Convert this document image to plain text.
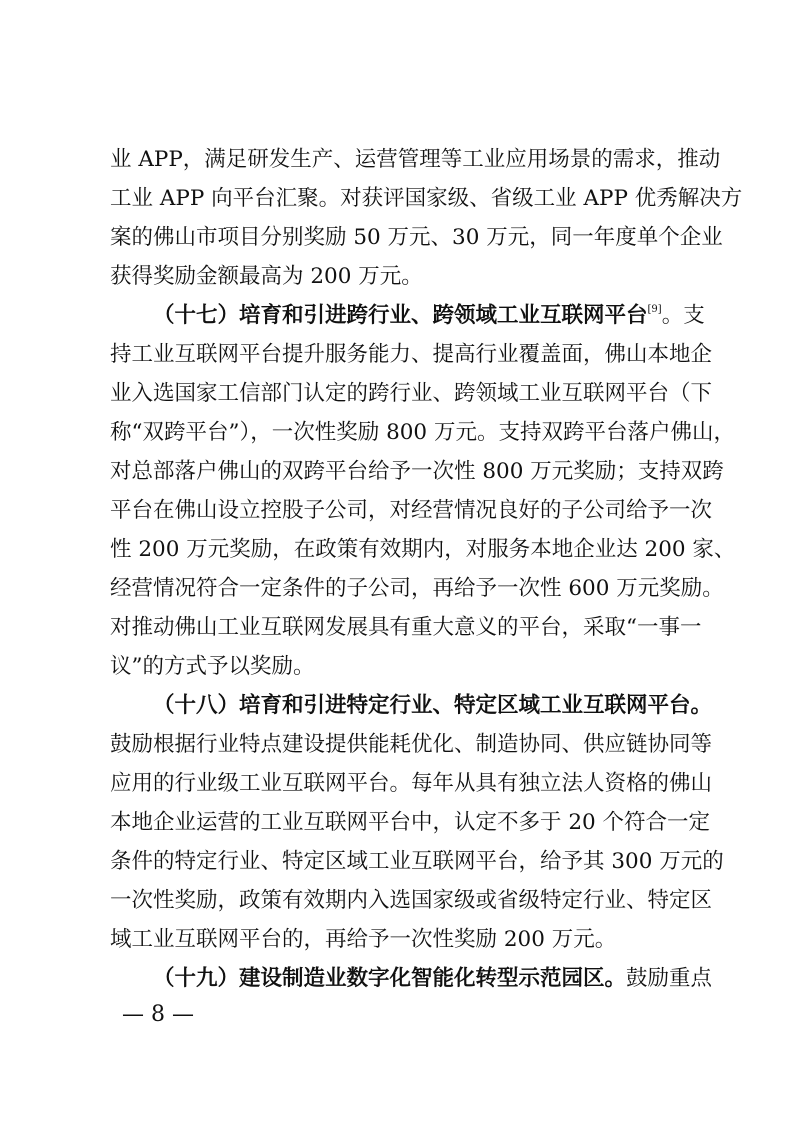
业 APP，满足研发生产、运营管理等工业应用场景的需求，推动
工业 APP 向平台汇聚。对获评国家级、省级工业 APP 优秀解决方
案的佛山市项目分别奖励 50 万元、30 万元，同一年度单个企业
获得奖励金额最高为 200 万元。
（十七）培育和引进跨行业、跨领域工业互联网平台[9]。支
持工业互联网平台提升服务能力、提高行业覆盖面，佛山本地企
业入选国家工信部门认定的跨行业、跨领域工业互联网平台（下
称“双跨平台”），一次性奖励 800 万元。支持双跨平台落户佛山，
对总部落户佛山的双跨平台给予一次性 800 万元奖励；支持双跨
平台在佛山设立控股子公司，对经营情况良好的子公司给予一次
性 200 万元奖励，在政策有效期内，对服务本地企业达 200 家、
经营情况符合一定条件的子公司，再给予一次性 600 万元奖励。
对推动佛山工业互联网发展具有重大意义的平台，采取“一事一
议”的方式予以奖励。
（十八）培育和引进特定行业、特定区域工业互联网平台。
鼓励根据行业特点建设提供能耗优化、制造协同、供应链协同等
应用的行业级工业互联网平台。每年从具有独立法人资格的佛山
本地企业运营的工业互联网平台中，认定不多于 20 个符合一定
条件的特定行业、特定区域工业互联网平台，给予其 300 万元的
一次性奖励，政策有效期内入选国家级或省级特定行业、特定区
域工业互联网平台的，再给予一次性奖励 200 万元。
（十九）建设制造业数字化智能化转型示范园区。鼓励重点
— 8 —
